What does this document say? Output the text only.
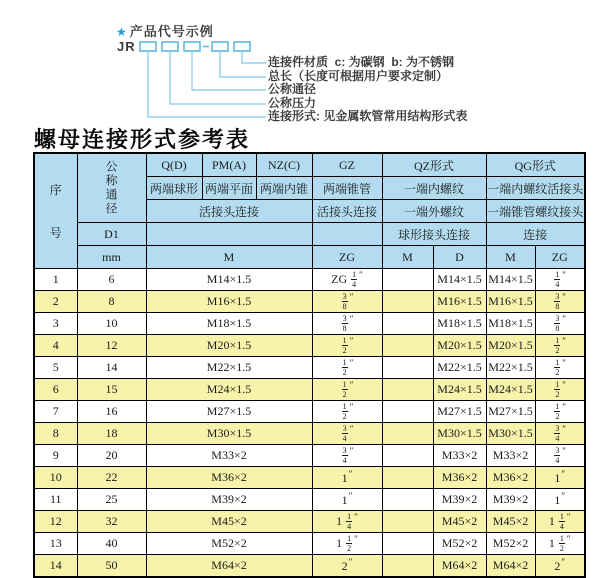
★ 产品代号示例
JR
连接件材质  c: 为碳钢  b: 为不锈钢
总长（长度可根据用户要求定制）
公称通径
公称压力
连接形式: 见金属软管常用结构形式表
螺母连接形式参考表
序
号	公称通径	Q(D)	PM(A)	NZ(C)	GZ	QZ形式		QG形式	
		两端球形	两端平面	两端内锥	两端锥管	一端内螺纹		一端内螺纹活接头	
		活接头连接			活接头连接	一端外螺纹		一端锥管螺纹接头	
	D1					球形接头连接		连接	
	mm	M			ZG	M	D	M	ZG
1	6	M14×1.5			ZG $\frac{1}{4} ''$		M14×1.5	M14×1.5	$\frac{1}{4} ''$
2	8	M16×1.5			$\frac{3}{8} ''$		M16×1.5	M16×1.5	$\frac{3}{8} ''$
3	10	M18×1.5			$\frac{3}{8} ''$		M18×1.5	M18×1.5	$\frac{3}{8} ''$
4	12	M20×1.5			$\frac{1}{2} ''$		M20×1.5	M20×1.5	$\frac{1}{2} ''$
5	14	M22×1.5			$\frac{1}{2} ''$		M22×1.5	M22×1.5	$\frac{1}{2} ''$
6	15	M24×1.5			$\frac{1}{2} ''$		M24×1.5	M24×1.5	$\frac{1}{2} ''$
7	16	M27×1.5			$\frac{1}{2} ''$		M27×1.5	M27×1.5	$\frac{1}{2} ''$
8	18	M30×1.5			$\frac{3}{4} ''$		M30×1.5	M30×1.5	$\frac{3}{4} ''$
9	20	M33×2			$\frac{3}{4} ''$		M33×2	M33×2	$\frac{3}{4} ''$
10	22	M36×2			1″		M36×2	M36×2	1″
11	25	M39×2			1″		M39×2	M39×2	1″
12	32	M45×2			$1 \frac{1}{4} ''$		M45×2	M45×2	$1 \frac{1}{4} ''$
13	40	M52×2			$1 \frac{1}{2} ''$		M52×2	M52×2	$1 \frac{1}{2} ''$
14	50	M64×2			2″		M64×2	M64×2	2″
